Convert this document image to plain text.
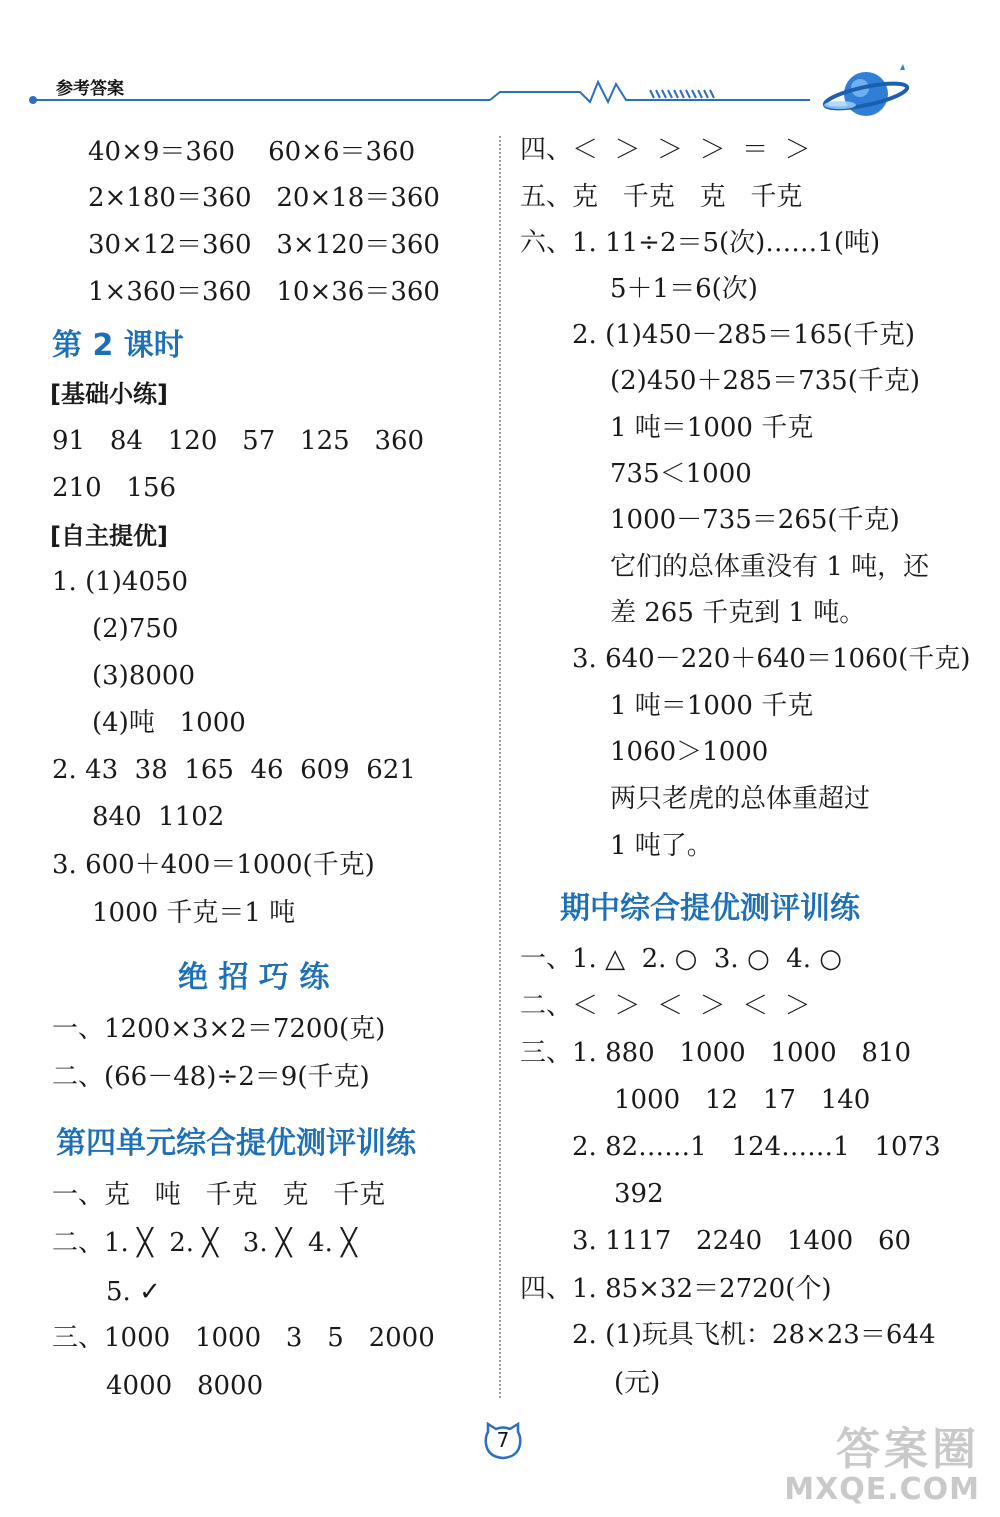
参考答案
40×9＝360    60×6＝360
2×180＝360   20×18＝360
30×12＝360   3×120＝360
1×360＝360   10×36＝360
第 2 课时
[基础小练]
91   84   120   57   125   360
210   156
[自主提优]
1. (1)4050
(2)750
(3)8000
(4)吨   1000
2. 43  38  165  46  609  621
840  1102
3. 600＋400＝1000(千克)
1000 千克＝1 吨
绝 招 巧 练
一、1200×3×2＝7200(克)
二、(66－48)÷2＝9(千克)
第四单元综合提优测评训练
一、克   吨   千克   克   千克
二、1. ╳  2. ╳   3. ╳  4. ╳
5. ✓
三、1000   1000   3   5   2000
4000   8000
四、＜  ＞  ＞  ＞  ＝  ＞
五、克   千克   克   千克
六、1. 11÷2＝5(次)……1(吨)
5＋1＝6(次)
2. (1)450－285＝165(千克)
(2)450＋285＝735(千克)
1 吨＝1000 千克
735＜1000
1000－735＝265(千克)
它们的总体重没有 1 吨，还
差 265 千克到 1 吨。
3. 640－220＋640＝1060(千克)
1 吨＝1000 千克
1060＞1000
两只老虎的总体重超过
1 吨了。
期中综合提优测评训练
一、1. △  2. ○  3. ○  4. ○
二、＜  ＞  ＜  ＞  ＜  ＞
三、1. 880   1000   1000   810
1000   12   17   140
2. 82……1   124……1   1073
392
3. 1117   2240   1400   60
四、1. 85×32＝2720(个)
2. (1)玩具飞机：28×23＝644
(元)
7	答案圈
MXQE.COM
